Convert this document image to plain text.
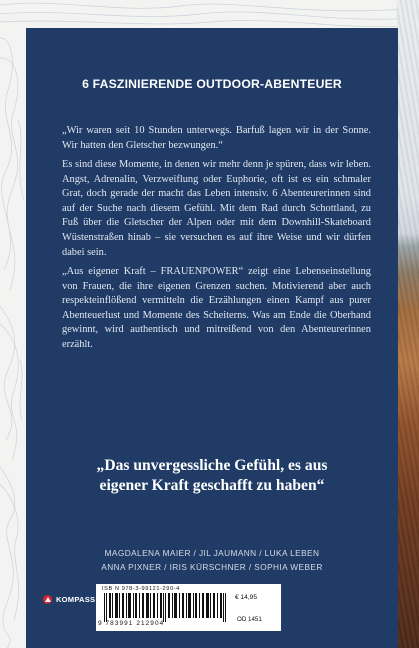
6 FASZINIERENDE OUTDOOR-ABENTEUER

„Wir waren seit 10 Stunden unterwegs. Barfuß lagen wir in der Sonne. Wir hatten den Gletscher bezwungen.“

Es sind diese Momente, in denen wir mehr denn je spüren, dass wir leben. Angst, Adrenalin, Verzweiflung oder Euphorie, oft ist es ein schmaler Grat, doch gerade der macht das Leben intensiv. 6 Abenteurerinnen sind auf der Suche nach diesem Gefühl. Mit dem Rad durch Schottland, zu Fuß über die Gletscher der Alpen oder mit dem Downhill-Skateboard Wüstenstraßen hinab – sie versuchen es auf ihre Weise und wir dürfen dabei sein.

„Aus eigener Kraft – FRAUENPOWER“ zeigt eine Lebenseinstellung von Frauen, die ihre eigenen Grenzen suchen. Motivierend aber auch respekteinflößend vermitteln die Erzählungen einen Kampf aus purer Abenteuerlust und Momente des Scheiterns. Was am Ende die Oberhand gewinnt, wird authentisch und mitreißend von den Abenteurerinnen erzählt.

„Das unvergessliche Gefühl, es aus
eigener Kraft geschafft zu haben“
MAGDALENA MAIER / JIL JAUMANN / LUKA LEBEN
ANNA PIXNER / IRIS KÜRSCHNER / SOPHIA WEBER
ISB N 978-3-99121-290-4
9 783991 212904
€ 14,95
OD 1451
KOMPASS
